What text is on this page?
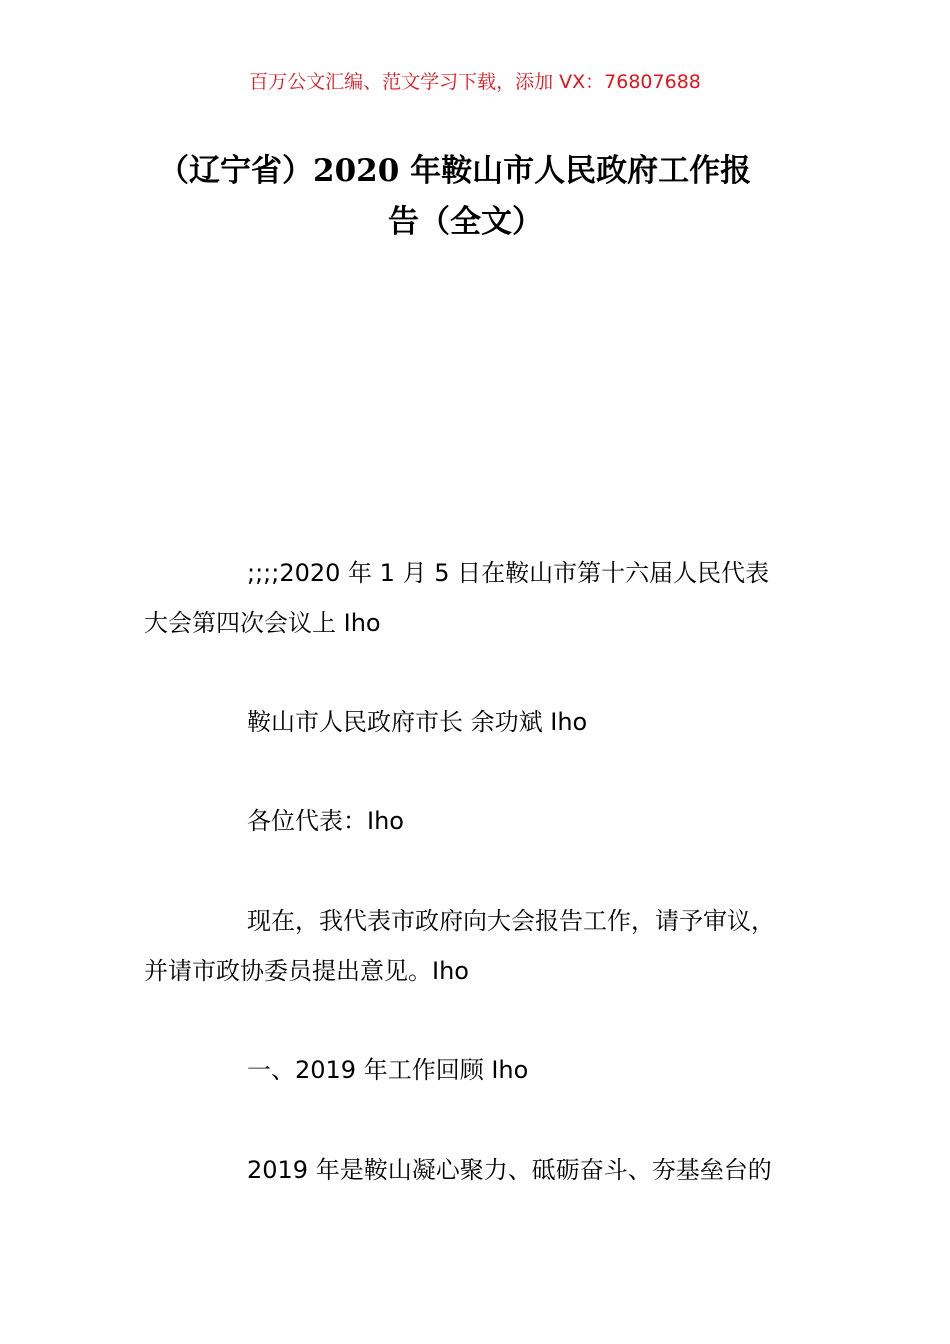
百万公文汇编、范文学习下载，添加 VX：76807688
（辽宁省）2020 年鞍山市人民政府工作报
告（全文）
;;;;2020 年 1 月 5 日在鞍山市第十六届人民代表
大会第四次会议上 Iho
鞍山市人民政府市长 余功斌 Iho
各位代表：Iho
现在，我代表市政府向大会报告工作，请予审议，
并请市政协委员提出意见。Iho
一、2019 年工作回顾 Iho
2019 年是鞍山凝心聚力、砥砺奋斗、夯基垒台的
